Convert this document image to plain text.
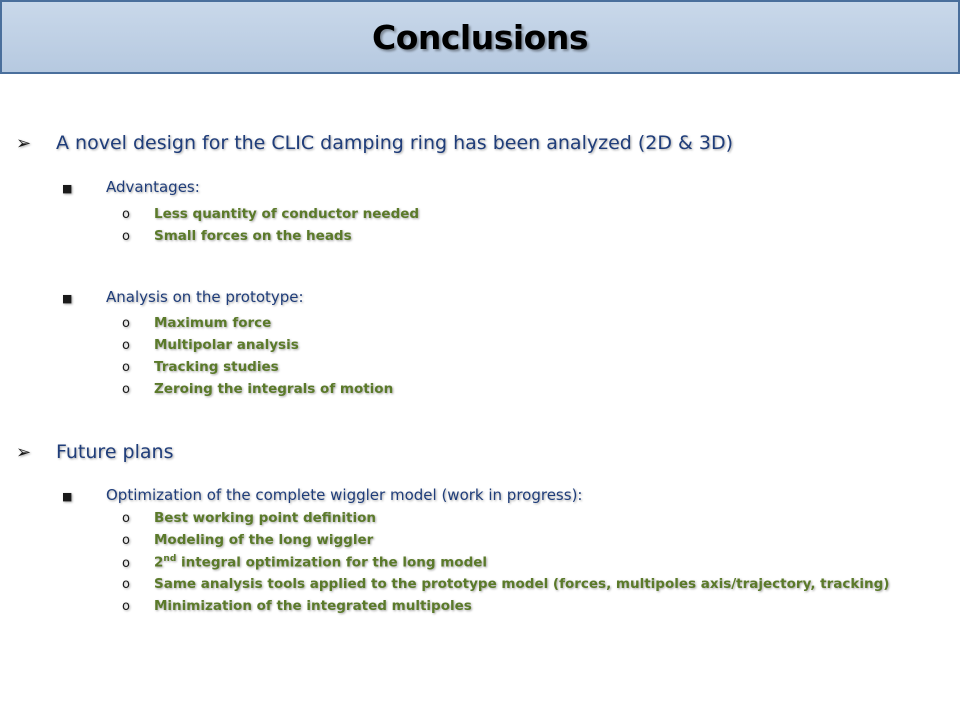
Conclusions
➢	A novel design for the CLIC damping ring has been analyzed (2D & 3D)
■	Advantages:
o	Less quantity of conductor needed
o	Small forces on the heads
■	Analysis on the prototype:
o	Maximum force
o	Multipolar analysis
o	Tracking studies
o	Zeroing the integrals of motion
➢	Future plans
■	Optimization of the complete wiggler model (work in progress):
o	Best working point definition
o	Modeling of the long wiggler
o	2nd integral optimization for the long model
o	Same analysis tools applied to the prototype model (forces, multipoles axis/trajectory, tracking)
o	Minimization of the integrated multipoles
